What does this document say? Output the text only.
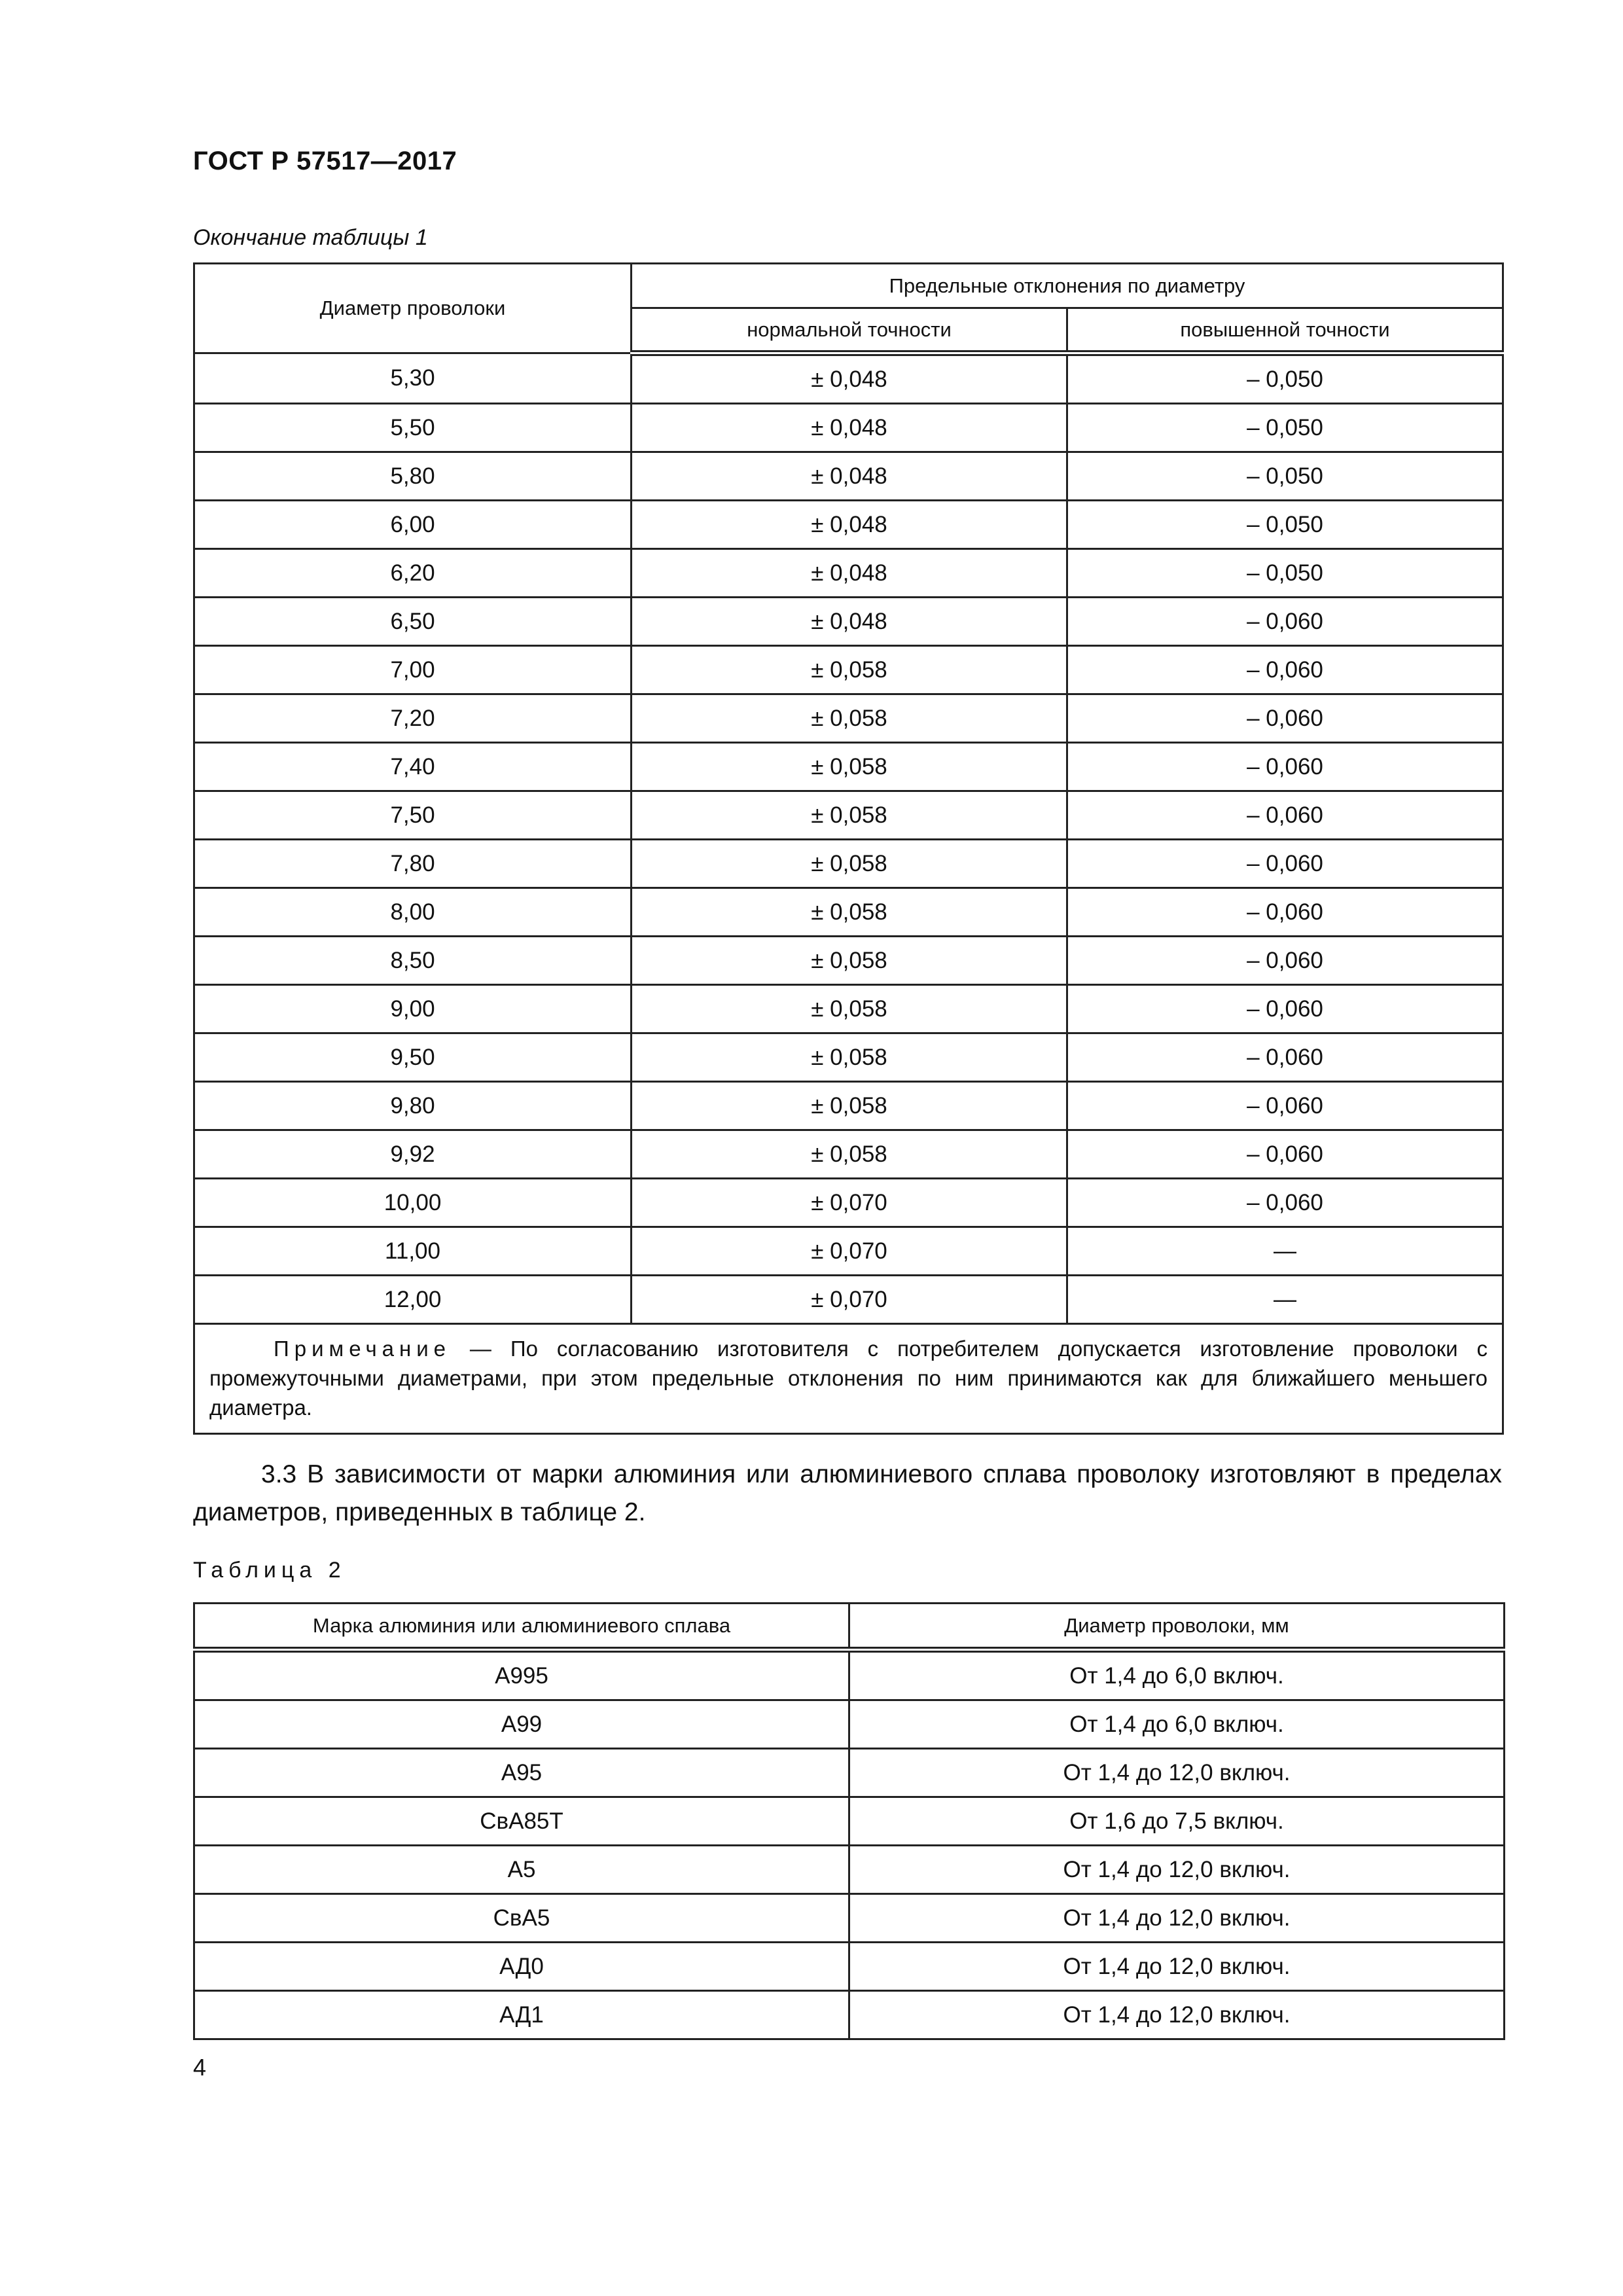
ГОСТ Р 57517—2017
Окончание таблицы 1
Диаметр проволоки	Предельные отклонения по диаметру	
	нормальной точности	повышенной точности
5,30	± 0,048	– 0,050
5,50	± 0,048	– 0,050
5,80	± 0,048	– 0,050
6,00	± 0,048	– 0,050
6,20	± 0,048	– 0,050
6,50	± 0,048	– 0,060
7,00	± 0,058	– 0,060
7,20	± 0,058	– 0,060
7,40	± 0,058	– 0,060
7,50	± 0,058	– 0,060
7,80	± 0,058	– 0,060
8,00	± 0,058	– 0,060
8,50	± 0,058	– 0,060
9,00	± 0,058	– 0,060
9,50	± 0,058	– 0,060
9,80	± 0,058	– 0,060
9,92	± 0,058	– 0,060
10,00	± 0,070	– 0,060
11,00	± 0,070	—
12,00	± 0,070	—
Примечание — По согласованию изготовителя с потребителем допускается изготовление проволоки с промежуточными диаметрами, при этом предельные отклонения по ним принимаются как для ближайшего меньшего диаметра.		

3.3 В зависимости от марки алюминия или алюминиевого сплава проволоку изготовляют в пределах диаметров, приведенных в таблице 2.

Таблица 2
Марка алюминия или алюминиевого сплава	Диаметр проволоки, мм
А995	От 1,4 до 6,0 включ.
А99	От 1,4 до 6,0 включ.
А95	От 1,4 до 12,0 включ.
СвА85Т	От 1,6 до 7,5 включ.
А5	От 1,4 до 12,0 включ.
СвА5	От 1,4 до 12,0 включ.
АД0	От 1,4 до 12,0 включ.
АД1	От 1,4 до 12,0 включ.
4
